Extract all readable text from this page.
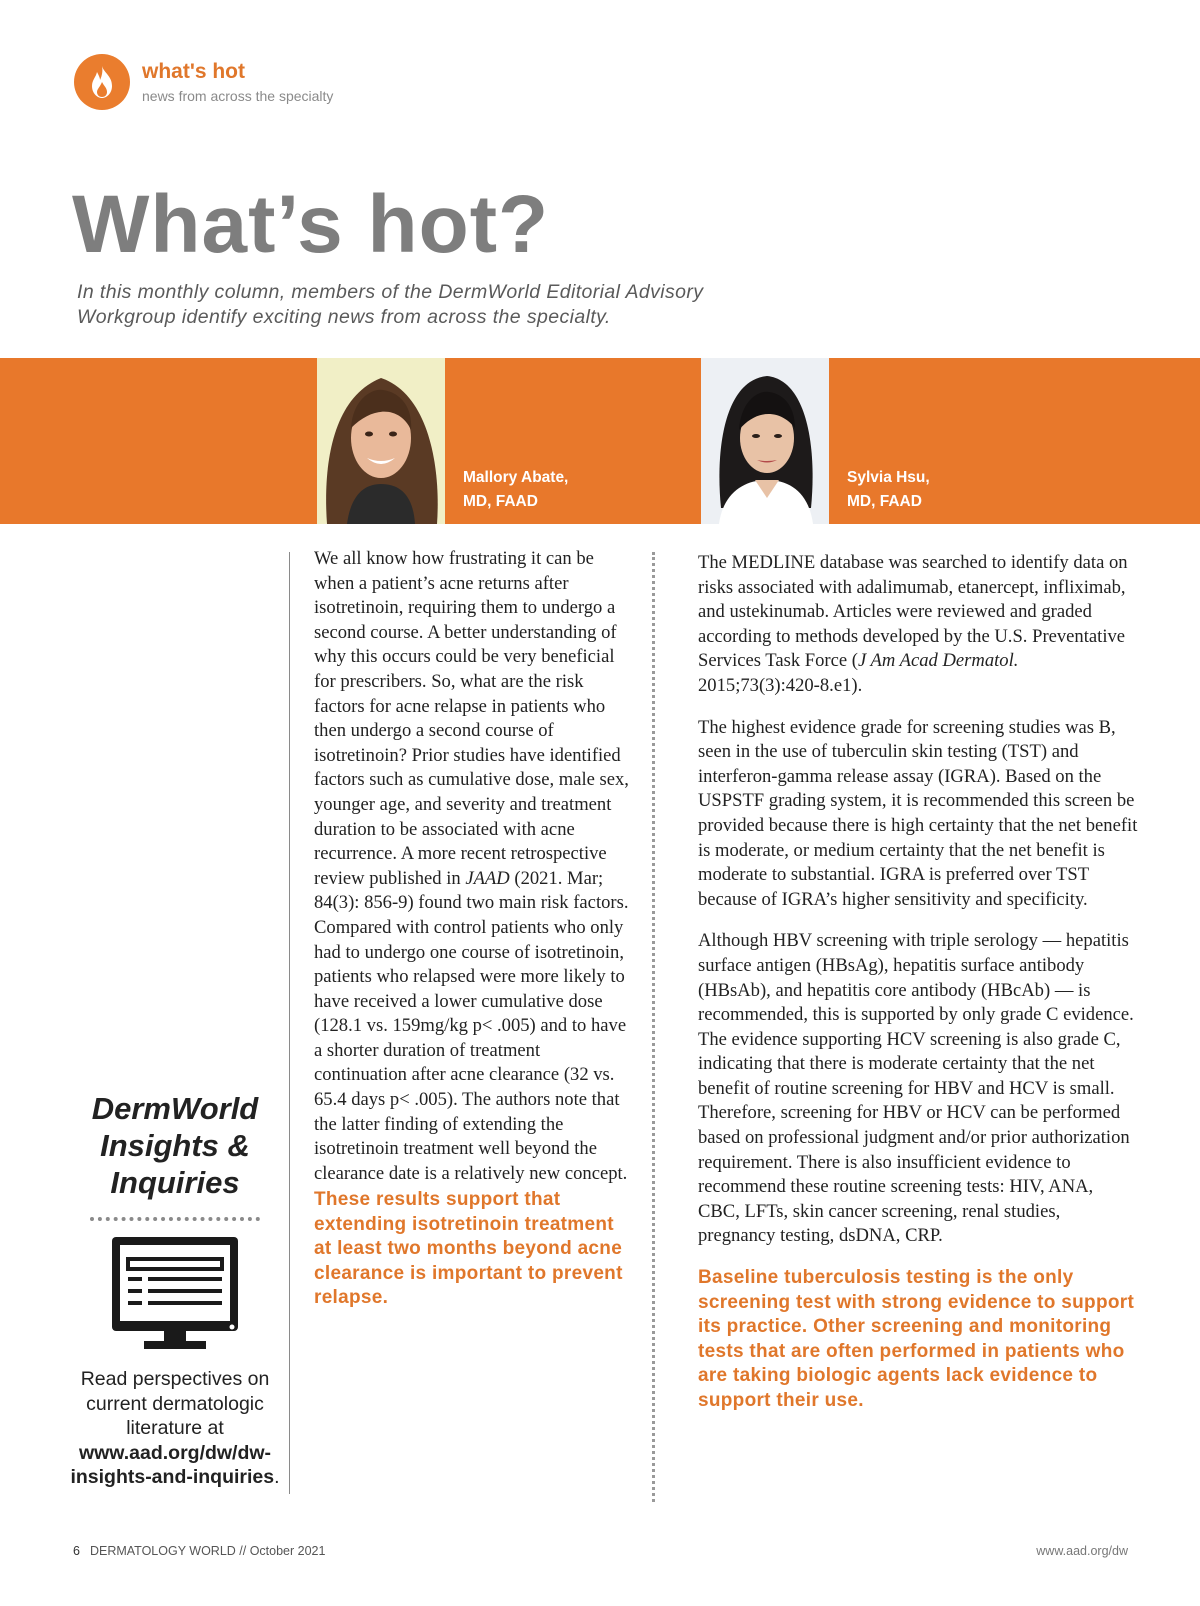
what's hot
news from across the specialty
What’s hot?

In this monthly column, members of the DermWorld Editorial Advisory Workgroup identify exciting news from across the specialty.

Mallory Abate,
MD, FAAD
Sylvia Hsu,
MD, FAAD
DermWorld
Insights &
Inquiries
Read perspectives on current dermatologic literature at
www.aad.org/dw/dw-insights-and-inquiries.
We all know how frustrating it can be when a patient’s acne returns after isotretinoin, requiring them to undergo a second course. A better understanding of why this occurs could be very beneficial for prescribers. So, what are the risk factors for acne relapse in patients who then undergo a second course of isotretinoin? Prior studies have identified factors such as cumulative dose, male sex, younger age, and severity and treatment duration to be associated with acne recurrence. A more recent retrospective review published in JAAD (2021. Mar; 84(3): 856-9) found two main risk factors. Compared with control patients who only had to undergo one course of isotretinoin, patients who relapsed were more likely to have received a lower cumulative dose (128.1 vs. 159mg/kg p< .005) and to have a shorter duration of treatment continuation after acne clearance (32 vs. 65.4 days p< .005). The authors note that the latter finding of extending the isotretinoin treatment well beyond the clearance date is a relatively new concept.
These results support that extending isotretinoin treatment at least two months beyond acne clearance is important to prevent relapse.

The MEDLINE database was searched to identify data on risks associated with adalimumab, etanercept, infliximab, and ustekinumab. Articles were reviewed and graded according to methods developed by the U.S. Preventative Services Task Force (J Am Acad Dermatol. 2015;73(3):420-8.e1).

The highest evidence grade for screening studies was B, seen in the use of tuberculin skin testing (TST) and interferon-gamma release assay (IGRA). Based on the USPSTF grading system, it is recommended this screen be provided because there is high certainty that the net benefit is moderate, or medium certainty that the net benefit is moderate to substantial. IGRA is preferred over TST because of IGRA’s higher sensitivity and specificity.

Although HBV screening with triple serology — hepatitis surface antigen (HBsAg), hepatitis surface antibody (HBsAb), and hepatitis core antibody (HBcAb) — is recommended, this is supported by only grade C evidence. The evidence supporting HCV screening is also grade C, indicating that there is moderate certainty that the net benefit of routine screening for HBV and HCV is small. Therefore, screening for HBV or HCV can be performed based on professional judgment and/or prior authorization requirement. There is also insufficient evidence to recommend these routine screening tests: HIV, ANA, CBC, LFTs, skin cancer screening, renal studies, pregnancy testing, dsDNA, CRP.

Baseline tuberculosis testing is the only screening test with strong evidence to support its practice. Other screening and monitoring tests that are often performed in patients who are taking biologic agents lack evidence to support their use.

6 DERMATOLOGY WORLD // October 2021	www.aad.org/dw
